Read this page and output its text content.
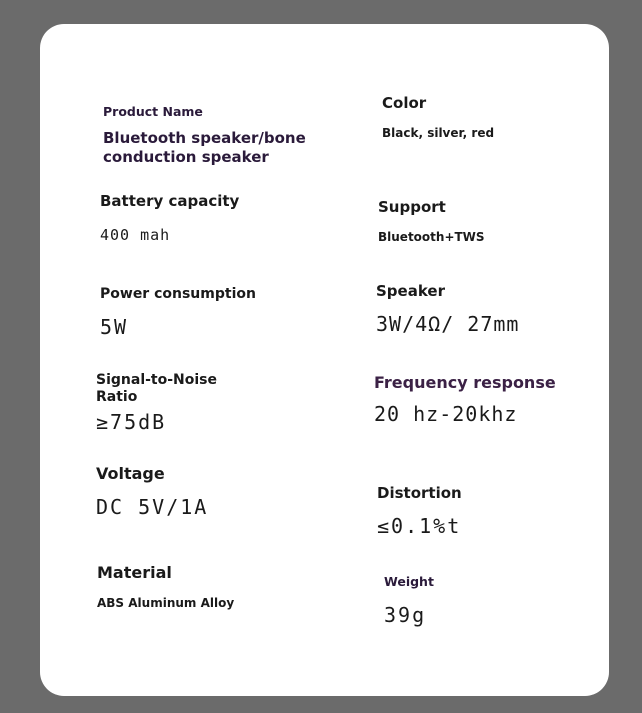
Product Name
Bluetooth speaker/bone conduction speaker
Color
Black, silver, red
Battery capacity
400 mah
Support
Bluetooth+TWS
Power consumption
5W
Speaker
3W/4Ω/ 27mm
Signal-to-Noise Ratio
≥75dB
Frequency response
20 hz-20khz
Voltage
DC 5V/1A
Distortion
≤0.1%t
Material
ABS Aluminum Alloy
Weight
39g
